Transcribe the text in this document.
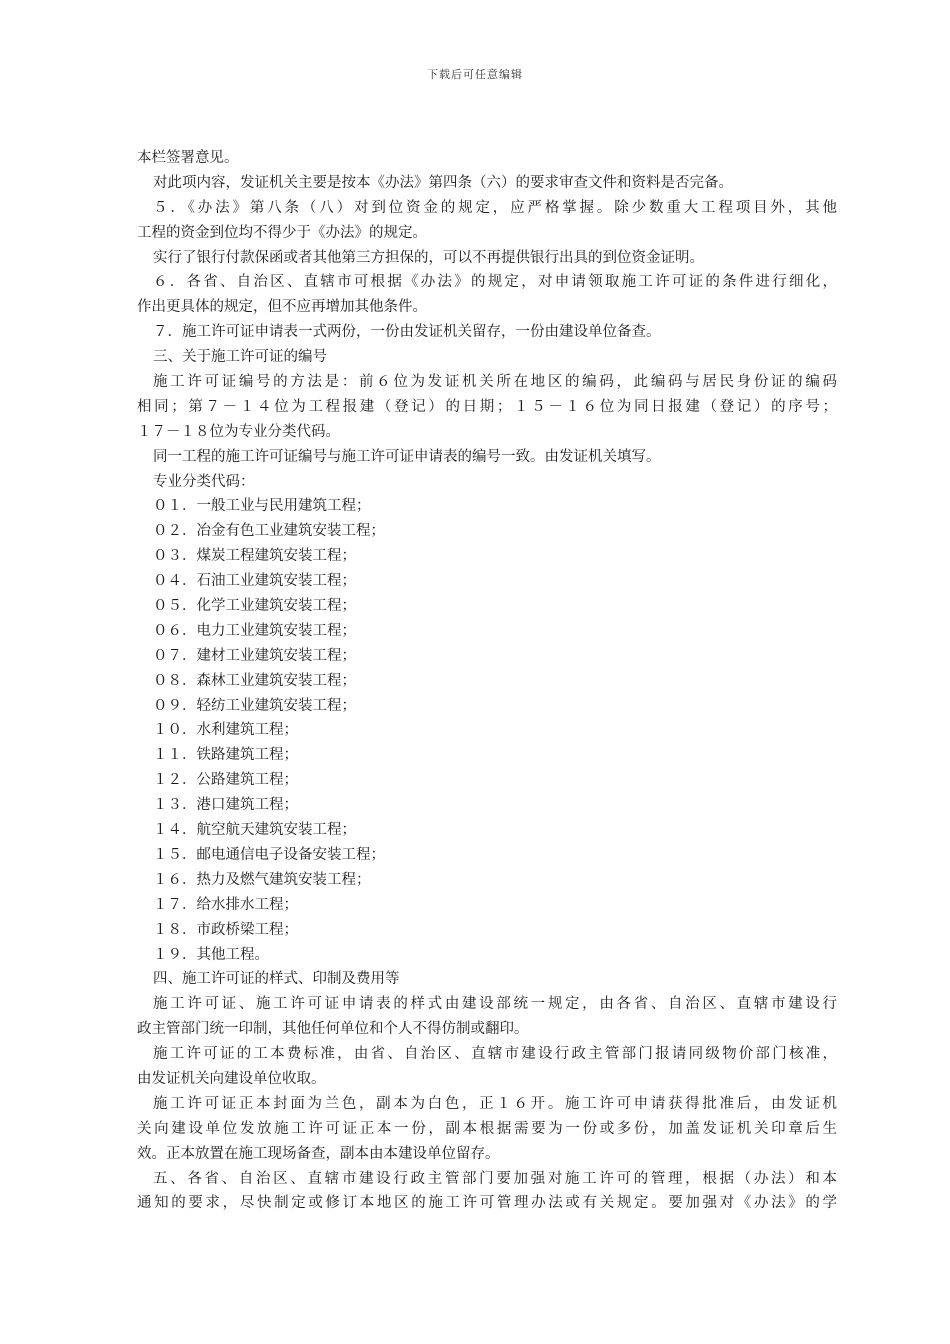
下载后可任意编辑
本栏签署意见。
对此项内容，发证机关主要是按本《办法》第四条（六）的要求审查文件和资料是否完备。
５．《办法》第八条（八）对到位资金的规定，应严格掌握。除少数重大工程项目外，其他
工程的资金到位均不得少于《办法》的规定。
实行了银行付款保函或者其他第三方担保的，可以不再提供银行出具的到位资金证明。
６．各省、自治区、直辖市可根据《办法》的规定，对申请领取施工许可证的条件进行细化，
作出更具体的规定，但不应再增加其他条件。
７．施工许可证申请表一式两份，一份由发证机关留存，一份由建设单位备查。
三、关于施工许可证的编号
施工许可证编号的方法是：前６位为发证机关所在地区的编码，此编码与居民身份证的编码
相同；第７－１４位为工程报建（登记）的日期；１５－１６位为同日报建（登记）的序号；
１７－１８位为专业分类代码。
同一工程的施工许可证编号与施工许可证申请表的编号一致。由发证机关填写。
专业分类代码：
０１．一般工业与民用建筑工程；
０２．冶金有色工业建筑安装工程；
０３．煤炭工程建筑安装工程；
０４．石油工业建筑安装工程；
０５．化学工业建筑安装工程；
０６．电力工业建筑安装工程；
０７．建材工业建筑安装工程；
０８．森林工业建筑安装工程；
０９．轻纺工业建筑安装工程；
１０．水利建筑工程；
１１．铁路建筑工程；
１２．公路建筑工程；
１３．港口建筑工程；
１４．航空航天建筑安装工程；
１５．邮电通信电子设备安装工程；
１６．热力及燃气建筑安装工程；
１７．给水排水工程；
１８．市政桥梁工程；
１９．其他工程。
四、施工许可证的样式、印制及费用等
施工许可证、施工许可证申请表的样式由建设部统一规定，由各省、自治区、直辖市建设行
政主管部门统一印制，其他任何单位和个人不得仿制或翻印。
施工许可证的工本费标准，由省、自治区、直辖市建设行政主管部门报请同级物价部门核准，
由发证机关向建设单位收取。
施工许可证正本封面为兰色，副本为白色，正１６开。施工许可申请获得批准后，由发证机
关向建设单位发放施工许可证正本一份，副本根据需要为一份或多份，加盖发证机关印章后生
效。正本放置在施工现场备查，副本由本建设单位留存。
五、各省、自治区、直辖市建设行政主管部门要加强对施工许可的管理，根据（办法）和本
通知的要求，尽快制定或修订本地区的施工许可管理办法或有关规定。要加强对《办法》的学
